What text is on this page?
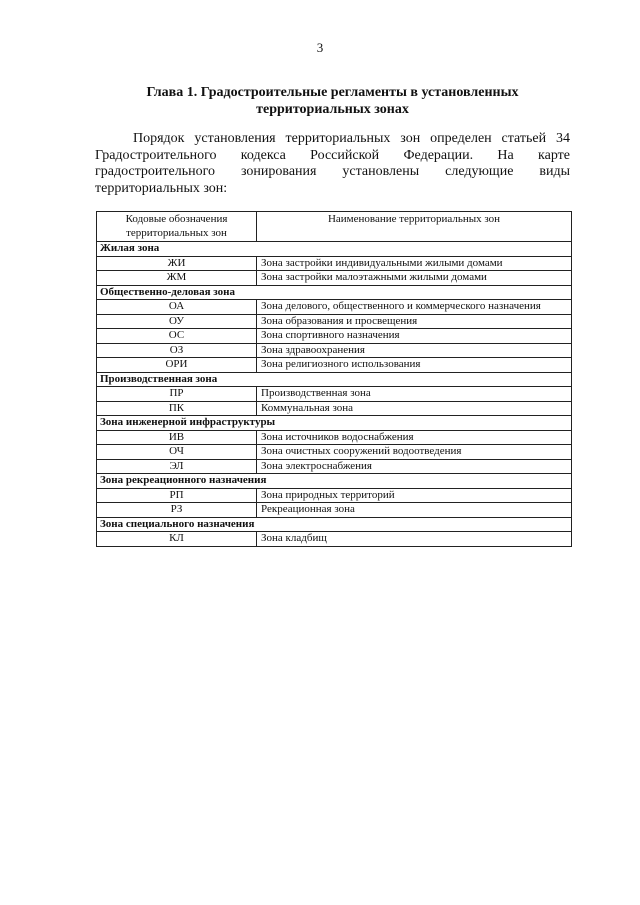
3
Глава 1. Градостроительные регламенты в установленных территориальных зонах
Порядок установления территориальных зон определен статьей 34 Градостроительного кодекса Российской Федерации. На карте градостроительного зонирования установлены следующие виды территориальных зон:
Кодовые обозначения территориальных зон	Наименование территориальных зон
Жилая зона	
ЖИ	Зона застройки индивидуальными жилыми домами
ЖМ	Зона застройки малоэтажными жилыми домами
Общественно-деловая зона	
ОА	Зона делового, общественного и коммерческого назначения
ОУ	Зона образования и просвещения
ОС	Зона спортивного назначения
ОЗ	Зона здравоохранения
ОРИ	Зона религиозного использования
Производственная зона	
ПР	Производственная зона
ПК	Коммунальная зона
Зона инженерной инфраструктуры	
ИВ	Зона источников водоснабжения
ОЧ	Зона очистных сооружений водоотведения
ЭЛ	Зона электроснабжения
Зона рекреационного назначения	
РП	Зона природных территорий
РЗ	Рекреационная зона
Зона специального назначения	
КЛ	Зона кладбищ
